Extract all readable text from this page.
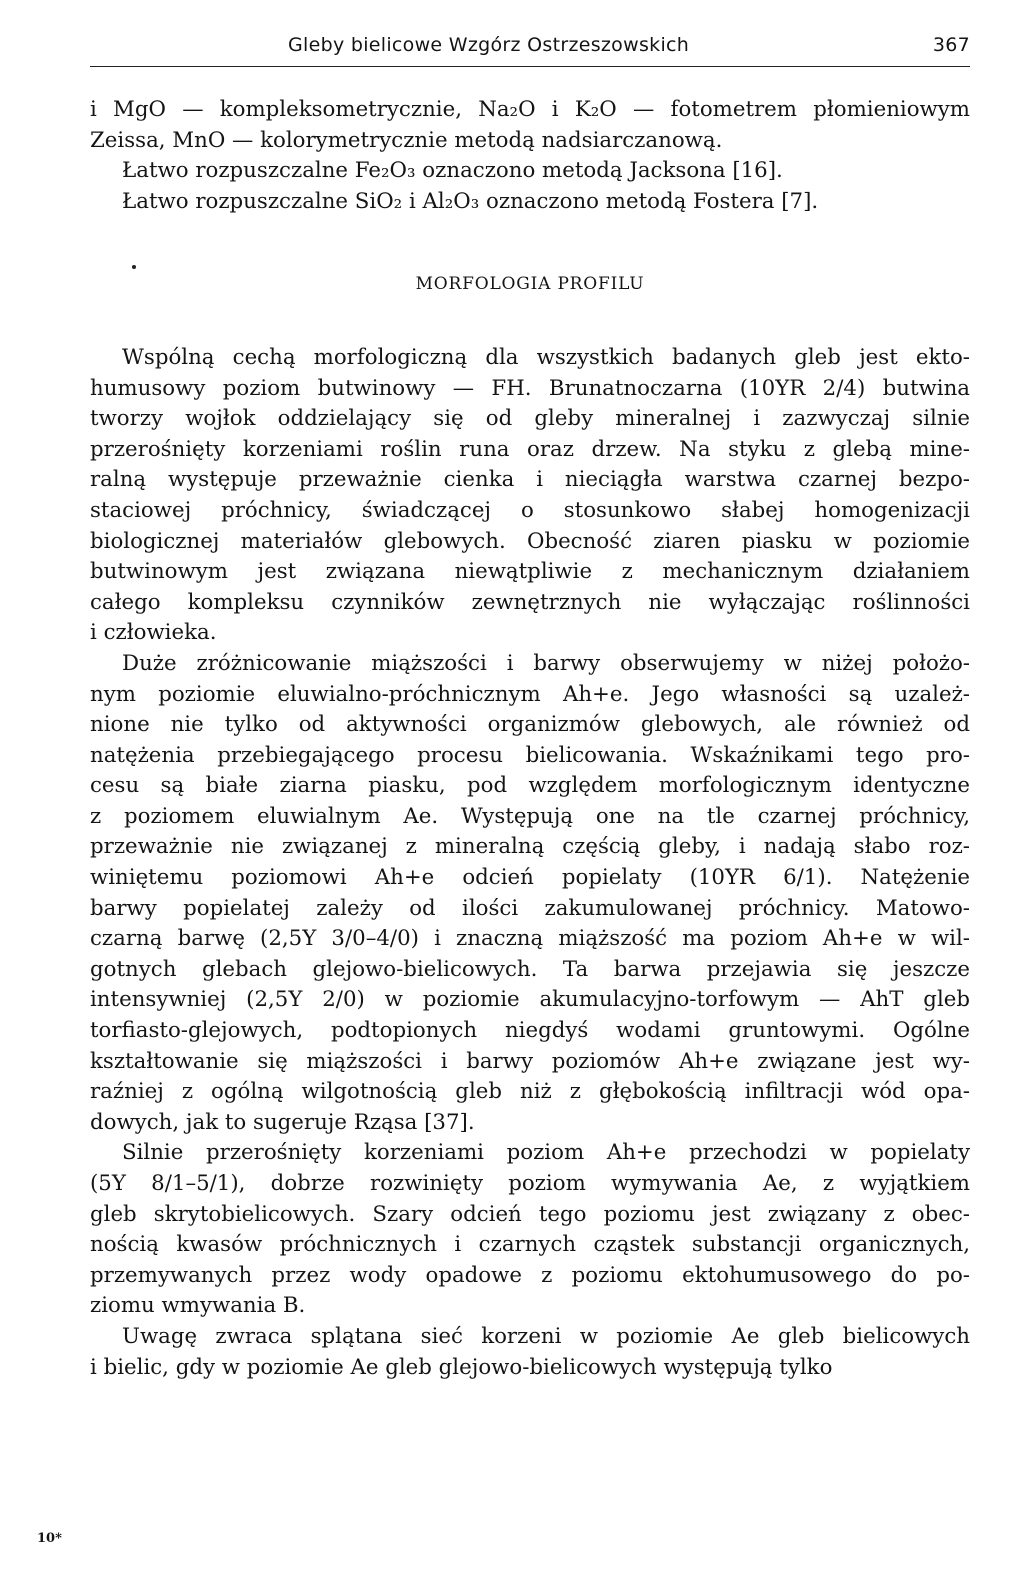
Gleby bielicowe Wzgórz Ostrzeszowskich	367
i MgO — kompleksometrycznie, Na₂O i K₂O — fotometrem płomieniowym
Zeissa, MnO — kolorymetrycznie metodą nadsiarczanową.
Łatwo rozpuszczalne Fe₂O₃ oznaczono metodą Jacksona [16].
Łatwo rozpuszczalne SiO₂ i Al₂O₃ oznaczono metodą Fostera [7].
MORFOLOGIA PROFILU
Wspólną cechą morfologiczną dla wszystkich badanych gleb jest ekto-
humusowy poziom butwinowy — FH. Brunatnoczarna (10YR 2/4) butwina
tworzy wojłok oddzielający się od gleby mineralnej i zazwyczaj silnie
przerośnięty korzeniami roślin runa oraz drzew. Na styku z glebą mine-
ralną występuje przeważnie cienka i nieciągła warstwa czarnej bezpo-
staciowej próchnicy, świadczącej o stosunkowo słabej homogenizacji
biologicznej materiałów glebowych. Obecność ziaren piasku w poziomie
butwinowym jest związana niewątpliwie z mechanicznym działaniem
całego kompleksu czynników zewnętrznych nie wyłączając roślinności
i człowieka.
Duże zróżnicowanie miąższości i barwy obserwujemy w niżej położo-
nym poziomie eluwialno-próchnicznym Ah+e. Jego własności są uzależ-
nione nie tylko od aktywności organizmów glebowych, ale również od
natężenia przebiegającego procesu bielicowania. Wskaźnikami tego pro-
cesu są białe ziarna piasku, pod względem morfologicznym identyczne
z poziomem eluwialnym Ae. Występują one na tle czarnej próchnicy,
przeważnie nie związanej z mineralną częścią gleby, i nadają słabo roz-
winiętemu poziomowi Ah+e odcień popielaty (10YR 6/1). Natężenie
barwy popielatej zależy od ilości zakumulowanej próchnicy. Matowo-
czarną barwę (2,5Y 3/0–4/0) i znaczną miąższość ma poziom Ah+e w wil-
gotnych glebach glejowo-bielicowych. Ta barwa przejawia się jeszcze
intensywniej (2,5Y 2/0) w poziomie akumulacyjno-torfowym — AhT gleb
torfiasto-glejowych, podtopionych niegdyś wodami gruntowymi. Ogólne
kształtowanie się miąższości i barwy poziomów Ah+e związane jest wy-
raźniej z ogólną wilgotnością gleb niż z głębokością infiltracji wód opa-
dowych, jak to sugeruje Rząsa [37].
Silnie przerośnięty korzeniami poziom Ah+e przechodzi w popielaty
(5Y 8/1–5/1), dobrze rozwinięty poziom wymywania Ae, z wyjątkiem
gleb skrytobielicowych. Szary odcień tego poziomu jest związany z obec-
nością kwasów próchnicznych i czarnych cząstek substancji organicznych,
przemywanych przez wody opadowe z poziomu ektohumusowego do po-
ziomu wmywania B.
Uwagę zwraca splątana sieć korzeni w poziomie Ae gleb bielicowych
i bielic, gdy w poziomie Ae gleb glejowo-bielicowych występują tylko
10*
